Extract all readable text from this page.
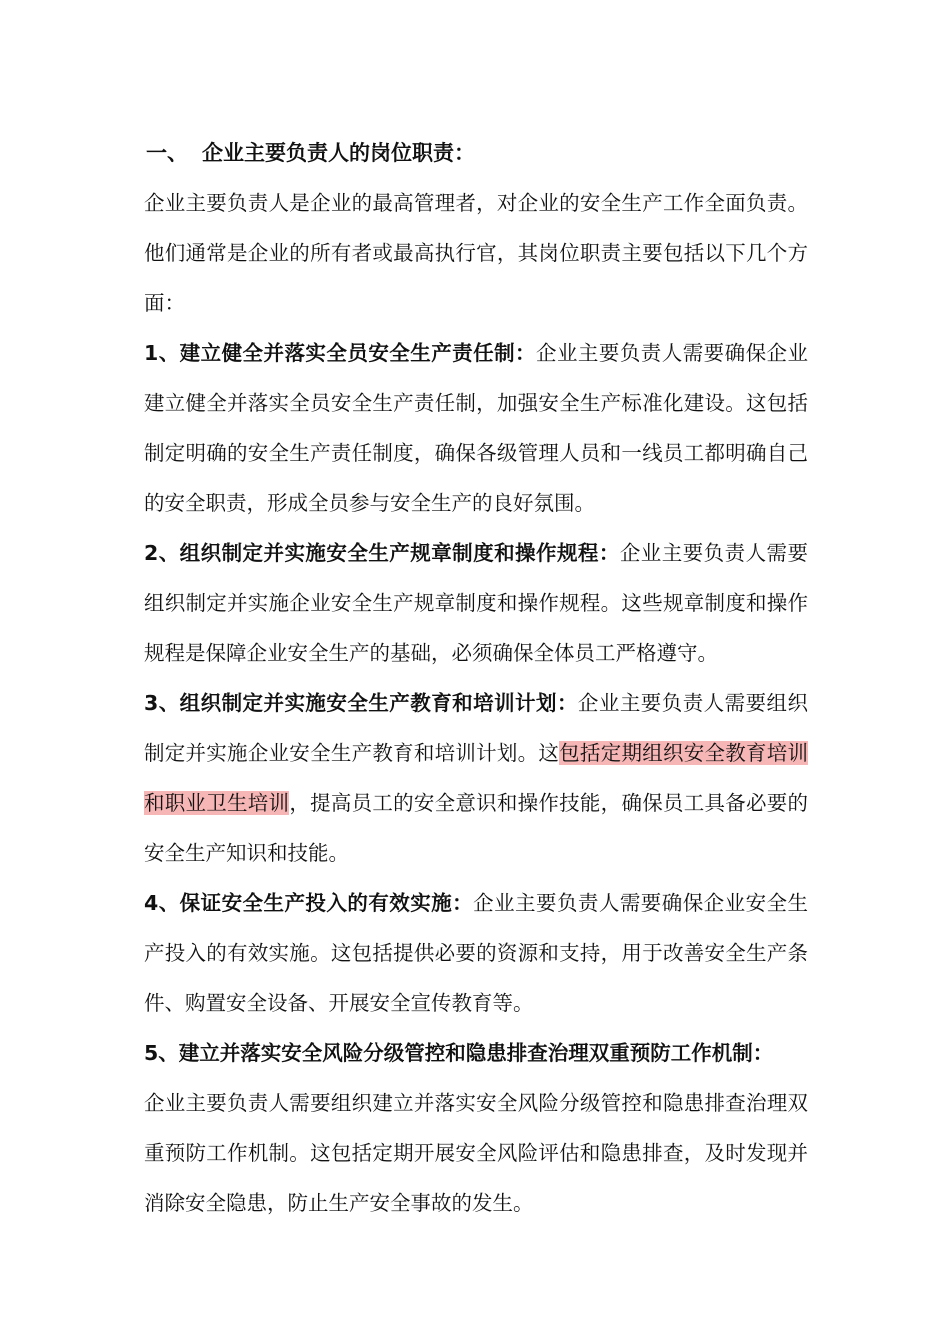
一、 企业主要负责人的岗位职责：

企业主要负责人是企业的最高管理者，对企业的安全生产工作全面负责。他们通常是企业的所有者或最高执行官，其岗位职责主要包括以下几个方面：

1、建立健全并落实全员安全生产责任制：企业主要负责人需要确保企业建立健全并落实全员安全生产责任制，加强安全生产标准化建设。这包括制定明确的安全生产责任制度，确保各级管理人员和一线员工都明确自己的安全职责，形成全员参与安全生产的良好氛围。

2、组织制定并实施安全生产规章制度和操作规程：企业主要负责人需要组织制定并实施企业安全生产规章制度和操作规程。这些规章制度和操作规程是保障企业安全生产的基础，必须确保全体员工严格遵守。

3、组织制定并实施安全生产教育和培训计划：企业主要负责人需要组织制定并实施企业安全生产教育和培训计划。这包括定期组织安全教育培训和职业卫生培训，提高员工的安全意识和操作技能，确保员工具备必要的安全生产知识和技能。

4、保证安全生产投入的有效实施：企业主要负责人需要确保企业安全生产投入的有效实施。这包括提供必要的资源和支持，用于改善安全生产条件、购置安全设备、开展安全宣传教育等。

5、建立并落实安全风险分级管控和隐患排查治理双重预防工作机制：

企业主要负责人需要组织建立并落实安全风险分级管控和隐患排查治理双重预防工作机制。这包括定期开展安全风险评估和隐患排查，及时发现并消除安全隐患，防止生产安全事故的发生。
